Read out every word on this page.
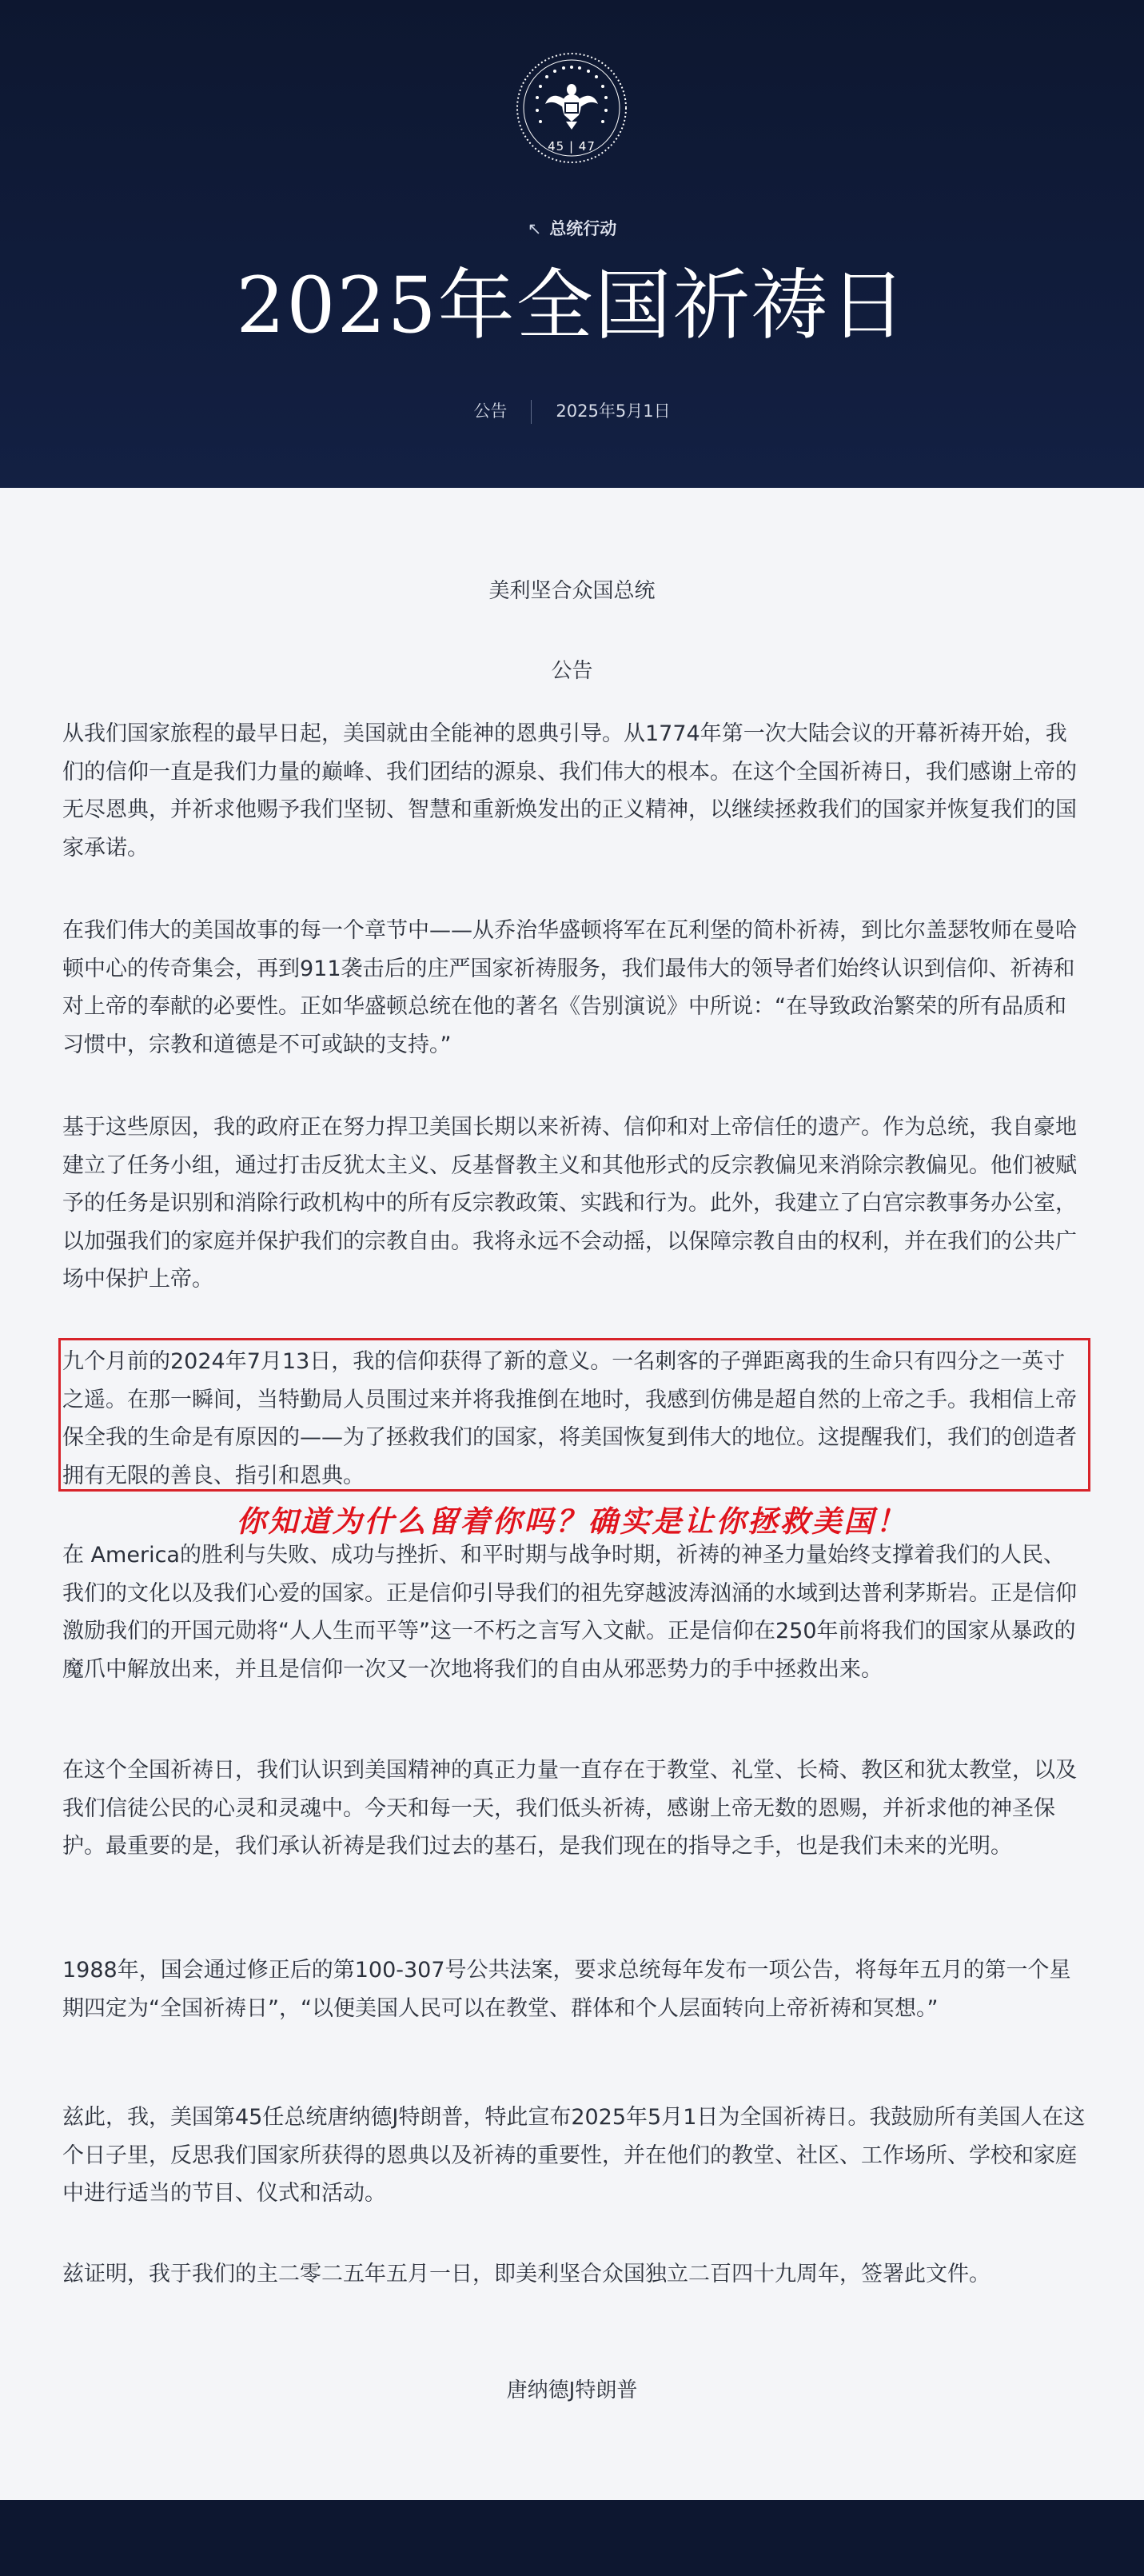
45 | 47
↖ 总统行动
2025年全国祈祷日
公告	2025年5月1日
美利坚合众国总统
公告

从我们国家旅程的最早日起，美国就由全能神的恩典引导。从1774年第一次大陆会议的开幕祈祷开始，我们的信仰一直是我们力量的巅峰、我们团结的源泉、我们伟大的根本。在这个全国祈祷日，我们感谢上帝的无尽恩典，并祈求他赐予我们坚韧、智慧和重新焕发出的正义精神，以继续拯救我们的国家并恢复我们的国家承诺。

在我们伟大的美国故事的每一个章节中——从乔治华盛顿将军在瓦利堡的简朴祈祷，到比尔盖瑟牧师在曼哈顿中心的传奇集会，再到911袭击后的庄严国家祈祷服务，我们最伟大的领导者们始终认识到信仰、祈祷和对上帝的奉献的必要性。正如华盛顿总统在他的著名《告别演说》中所说：“在导致政治繁荣的所有品质和习惯中，宗教和道德是不可或缺的支持。”

基于这些原因，我的政府正在努力捍卫美国长期以来祈祷、信仰和对上帝信任的遗产。作为总统，我自豪地建立了任务小组，通过打击反犹太主义、反基督教主义和其他形式的反宗教偏见来消除宗教偏见。他们被赋予的任务是识别和消除行政机构中的所有反宗教政策、实践和行为。此外，我建立了白宫宗教事务办公室，以加强我们的家庭并保护我们的宗教自由。我将永远不会动摇，以保障宗教自由的权利，并在我们的公共广场中保护上帝。

九个月前的2024年7月13日，我的信仰获得了新的意义。一名刺客的子弹距离我的生命只有四分之一英寸之遥。在那一瞬间，当特勤局人员围过来并将我推倒在地时，我感到仿佛是超自然的上帝之手。我相信上帝保全我的生命是有原因的——为了拯救我们的国家，将美国恢复到伟大的地位。这提醒我们，我们的创造者拥有无限的善良、指引和恩典。

在 America的胜利与失败、成功与挫折、和平时期与战争时期，祈祷的神圣力量始终支撑着我们的人民、我们的文化以及我们心爱的国家。正是信仰引导我们的祖先穿越波涛汹涌的水域到达普利茅斯岩。正是信仰激励我们的开国元勋将“人人生而平等”这一不朽之言写入文献。正是信仰在250年前将我们的国家从暴政的魔爪中解放出来，并且是信仰一次又一次地将我们的自由从邪恶势力的手中拯救出来。

在这个全国祈祷日，我们认识到美国精神的真正力量一直存在于教堂、礼堂、长椅、教区和犹太教堂，以及我们信徒公民的心灵和灵魂中。今天和每一天，我们低头祈祷，感谢上帝无数的恩赐，并祈求他的神圣保护。最重要的是，我们承认祈祷是我们过去的基石，是我们现在的指导之手，也是我们未来的光明。

1988年，国会通过修正后的第100-307号公共法案，要求总统每年发布一项公告，将每年五月的第一个星期四定为“全国祈祷日”，“以便美国人民可以在教堂、群体和个人层面转向上帝祈祷和冥想。”

兹此，我，美国第45任总统唐纳德J特朗普，特此宣布2025年5月1日为全国祈祷日。我鼓励所有美国人在这个日子里，反思我们国家所获得的恩典以及祈祷的重要性，并在他们的教堂、社区、工作场所、学校和家庭中进行适当的节目、仪式和活动。

兹证明，我于我们的主二零二五年五月一日，即美利坚合众国独立二百四十九周年，签署此文件。

唐纳德J特朗普
你知道为什么留着你吗？确实是让你拯救美国！
